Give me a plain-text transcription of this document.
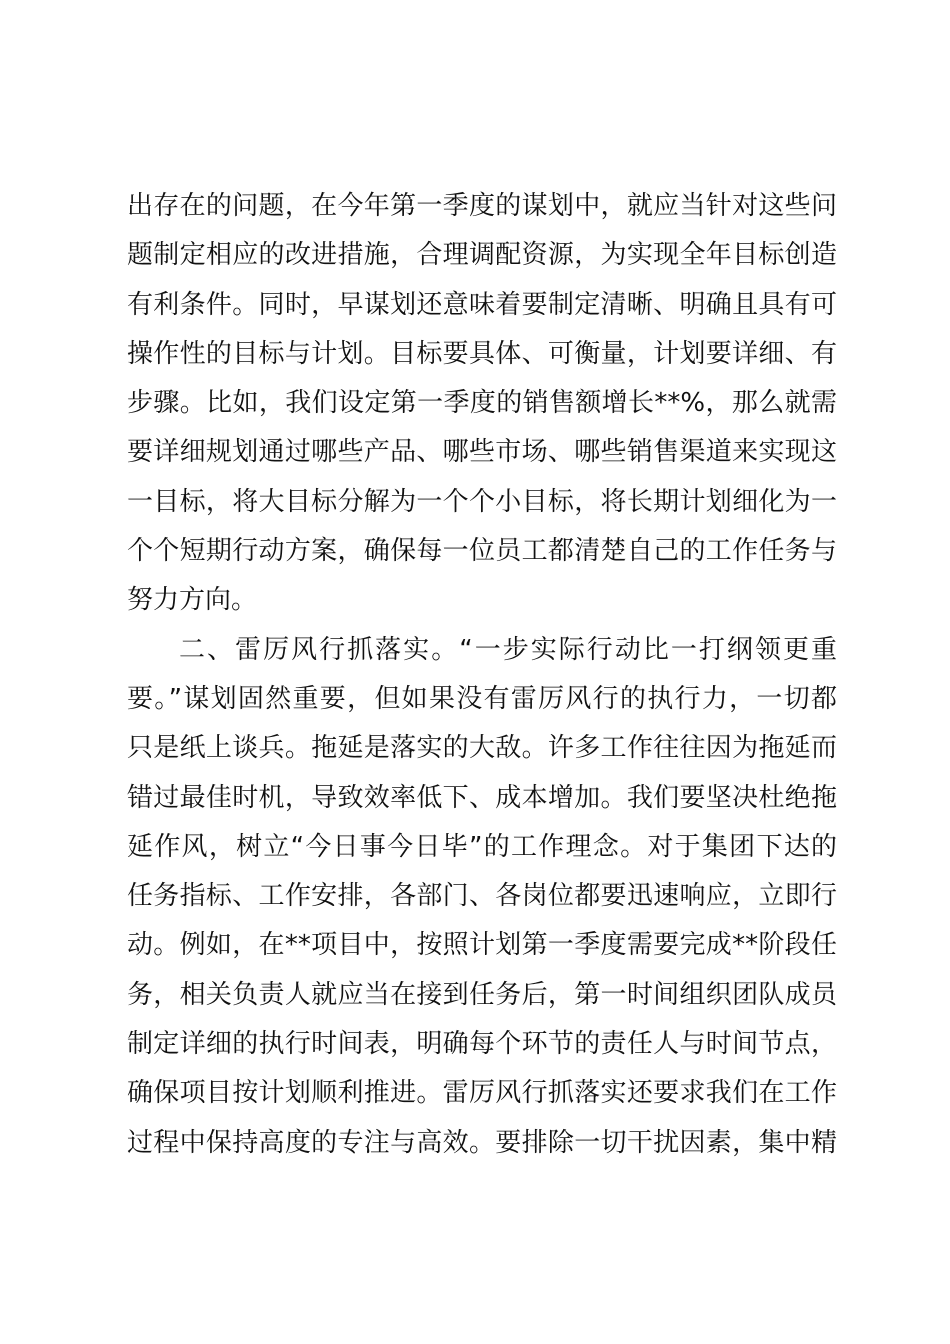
出存在的问题，在今年第一季度的谋划中，就应当针对这些问
题制定相应的改进措施，合理调配资源，为实现全年目标创造
有利条件。同时，早谋划还意味着要制定清晰、明确且具有可
操作性的目标与计划。目标要具体、可衡量，计划要详细、有
步骤。比如，我们设定第一季度的销售额增长**%，那么就需
要详细规划通过哪些产品、哪些市场、哪些销售渠道来实现这
一目标，将大目标分解为一个个小目标，将长期计划细化为一
个个短期行动方案，确保每一位员工都清楚自己的工作任务与
努力方向。
二、雷厉风行抓落实。“一步实际行动比一打纲领更重
要。”谋划固然重要，但如果没有雷厉风行的执行力，一切都
只是纸上谈兵。拖延是落实的大敌。许多工作往往因为拖延而
错过最佳时机，导致效率低下、成本增加。我们要坚决杜绝拖
延作风，树立“今日事今日毕”的工作理念。对于集团下达的
任务指标、工作安排，各部门、各岗位都要迅速响应，立即行
动。例如，在**项目中，按照计划第一季度需要完成**阶段任
务，相关负责人就应当在接到任务后，第一时间组织团队成员
制定详细的执行时间表，明确每个环节的责任人与时间节点，
确保项目按计划顺利推进。雷厉风行抓落实还要求我们在工作
过程中保持高度的专注与高效。要排除一切干扰因素，集中精
